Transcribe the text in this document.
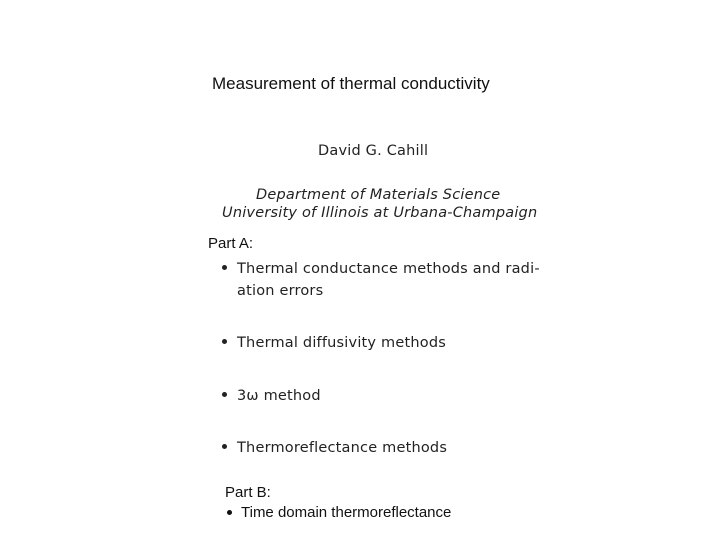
Measurement of thermal conductivity
David G. Cahill
Department of Materials Science
University of Illinois at Urbana-Champaign
Part A:
Thermal conductance methods and radi-
ation errors
Thermal diffusivity methods
3ω method
Thermoreflectance methods
Part B:
Time domain thermoreflectance
